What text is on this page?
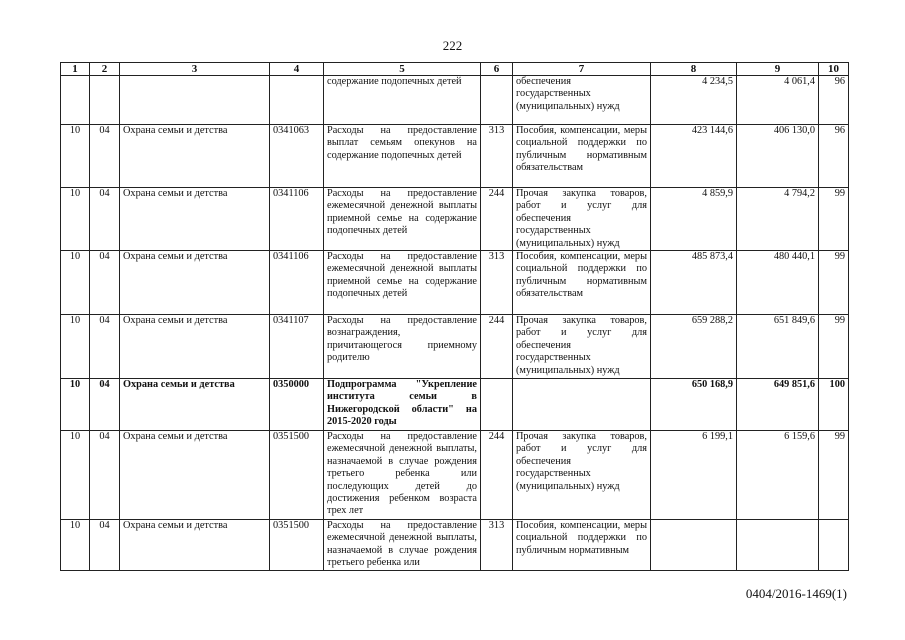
222
1	2	3	4	5	6	7	8	9	10
				содержание подопечных детей		обеспечения государственных (муниципальных) нужд	4 234,5	4 061,4	96
10	04	Охрана семьи и детства	0341063	Расходы на предоставление выплат семьям опекунов на содержание подопечных детей	313	Пособия, компенсации, меры социальной поддержки по публичным нормативным обязательствам	423 144,6	406 130,0	96
10	04	Охрана семьи и детства	0341106	Расходы на предоставление ежемесячной денежной выплаты приемной семье на содержание подопечных детей	244	Прочая закупка товаров, работ и услуг для обеспечения государственных (муниципальных) нужд	4 859,9	4 794,2	99
10	04	Охрана семьи и детства	0341106	Расходы на предоставление ежемесячной денежной выплаты приемной семье на содержание подопечных детей	313	Пособия, компенсации, меры социальной поддержки по публичным нормативным обязательствам	485 873,4	480 440,1	99
10	04	Охрана семьи и детства	0341107	Расходы на предоставление вознаграждения, причитающегося приемному родителю	244	Прочая закупка товаров, работ и услуг для обеспечения государственных (муниципальных) нужд	659 288,2	651 849,6	99
10	04	Охрана семьи и детства	0350000	Подпрограмма "Укрепление института семьи в Нижегородской области" на 2015-2020 годы			650 168,9	649 851,6	100
10	04	Охрана семьи и детства	0351500	Расходы на предоставление ежемесячной денежной выплаты, назначаемой в случае рождения третьего ребенка или последующих детей до достижения ребенком возраста трех лет	244	Прочая закупка товаров, работ и услуг для обеспечения государственных (муниципальных) нужд	6 199,1	6 159,6	99
10	04	Охрана семьи и детства	0351500	Расходы на предоставление ежемесячной денежной выплаты, назначаемой в случае рождения третьего ребенка или	313	Пособия, компенсации, меры социальной поддержки по публичным нормативным			
0404/2016-1469(1)
